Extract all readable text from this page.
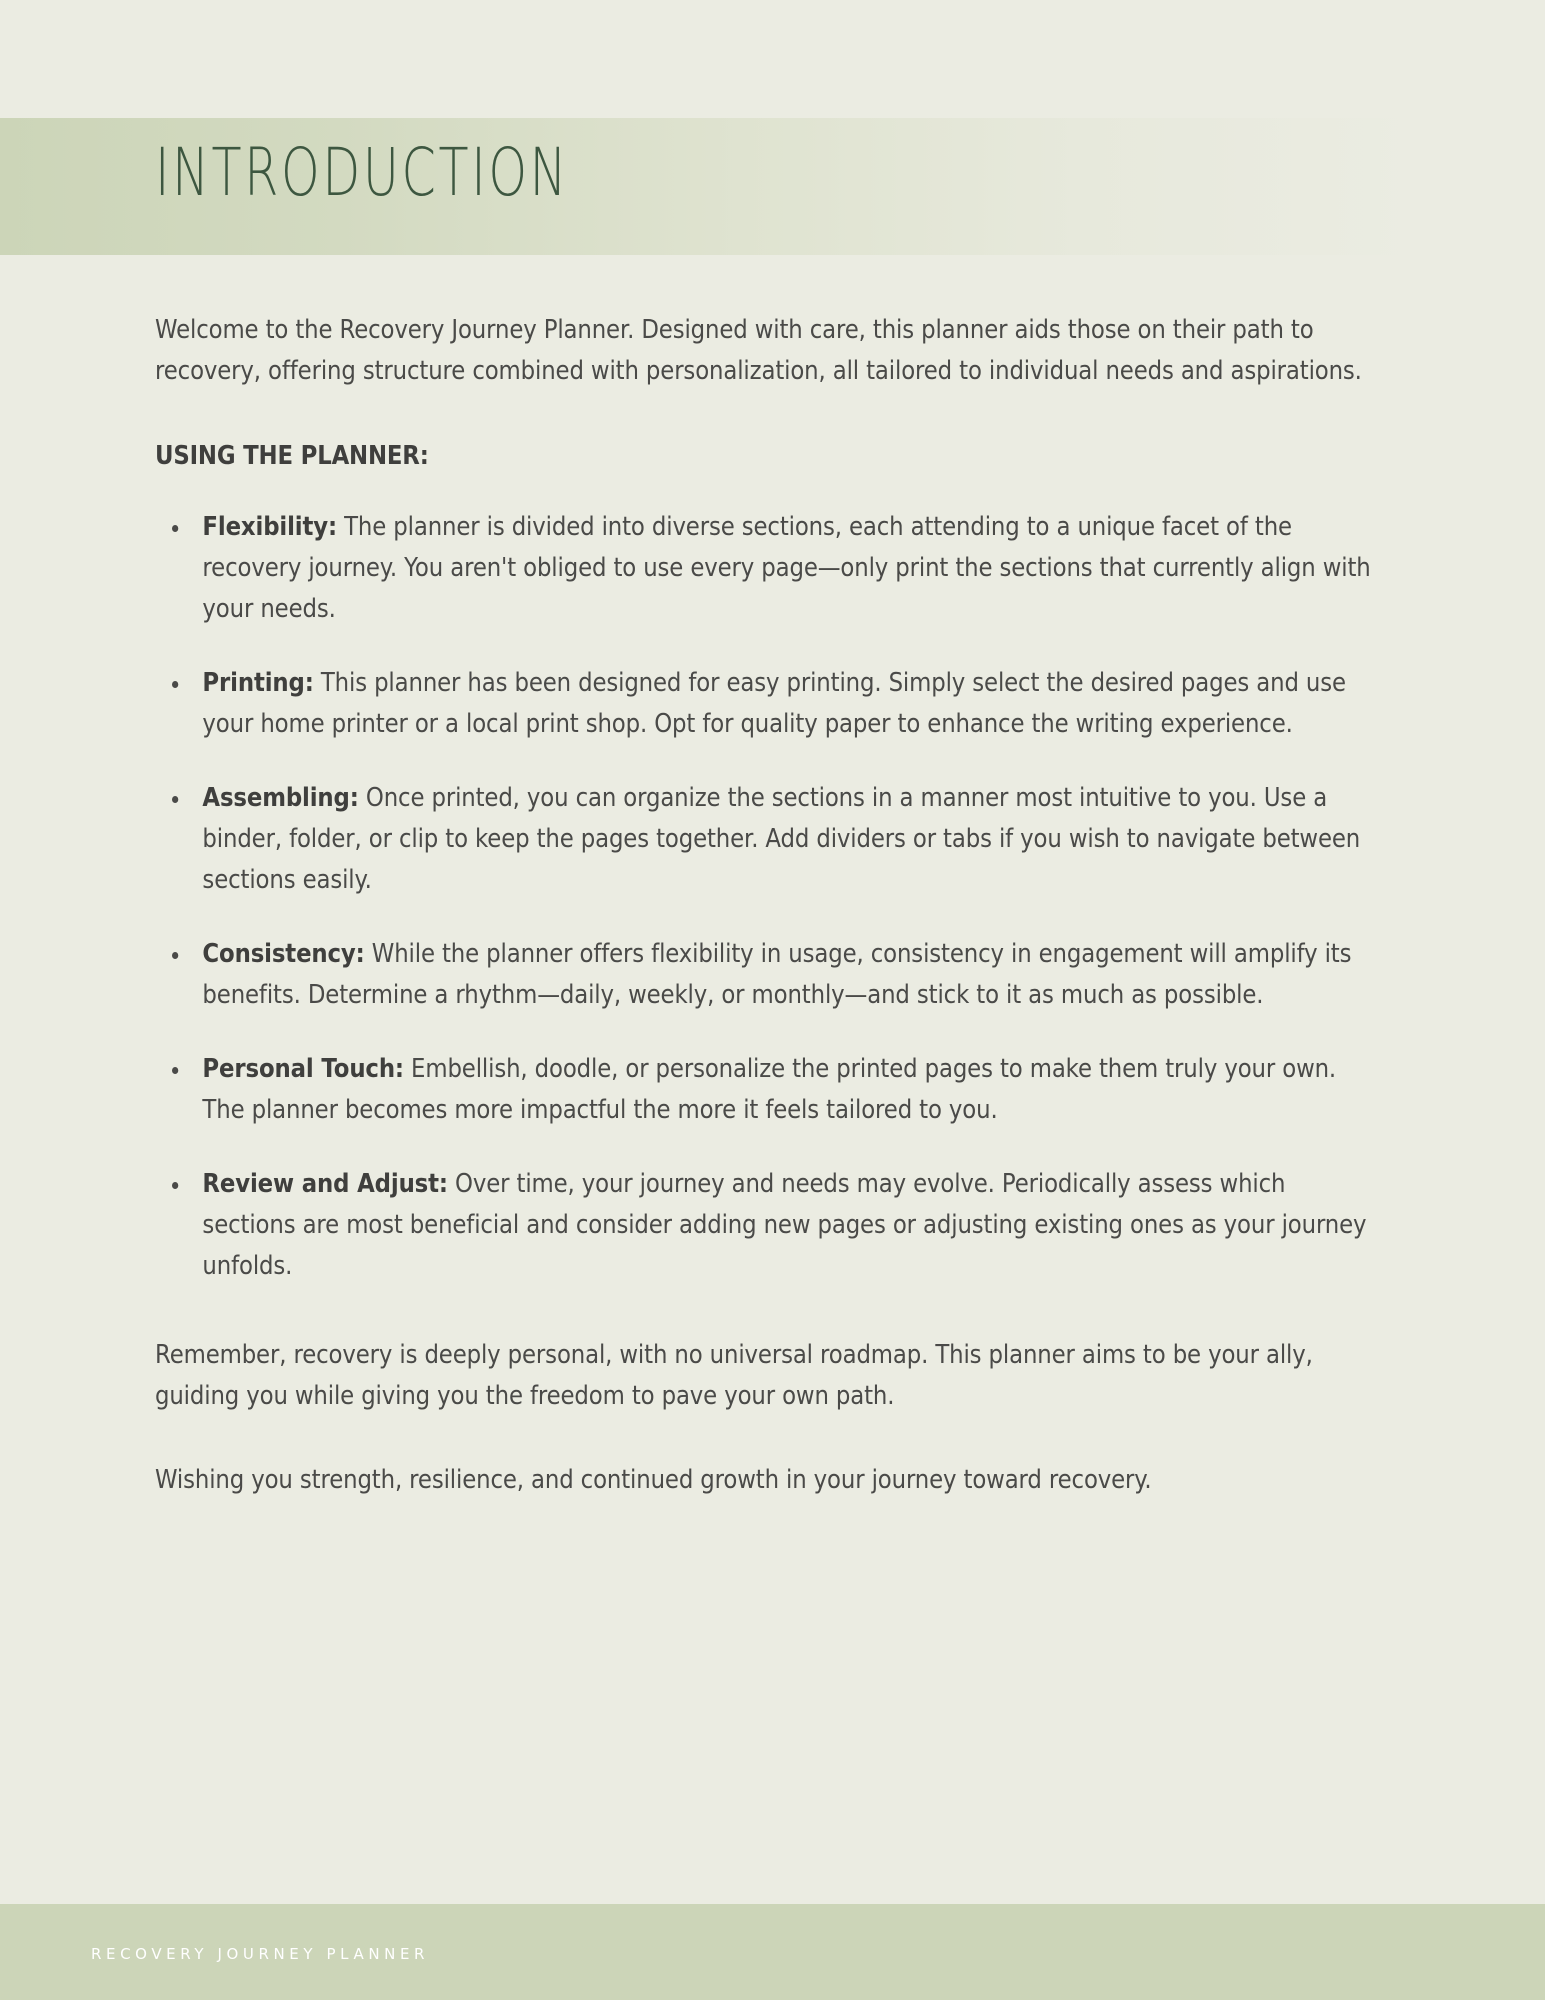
INTRODUCTION

Welcome to the Recovery Journey Planner. Designed with care, this planner aids those on their path to recovery, offering structure combined with personalization, all tailored to individual needs and aspirations.

USING THE PLANNER:

Flexibility: The planner is divided into diverse sections, each attending to a unique facet of the recovery journey. You aren't obliged to use every page—only print the sections that currently align with your needs.
Printing: This planner has been designed for easy printing. Simply select the desired pages and use your home printer or a local print shop. Opt for quality paper to enhance the writing experience.
Assembling: Once printed, you can organize the sections in a manner most intuitive to you. Use a binder, folder, or clip to keep the pages together. Add dividers or tabs if you wish to navigate between sections easily.
Consistency: While the planner offers flexibility in usage, consistency in engagement will amplify its benefits. Determine a rhythm—daily, weekly, or monthly—and stick to it as much as possible.
Personal Touch: Embellish, doodle, or personalize the printed pages to make them truly your own. The planner becomes more impactful the more it feels tailored to you.
Review and Adjust: Over time, your journey and needs may evolve. Periodically assess which sections are most beneficial and consider adding new pages or adjusting existing ones as your journey unfolds.

Remember, recovery is deeply personal, with no universal roadmap. This planner aims to be your ally, guiding you while giving you the freedom to pave your own path.

Wishing you strength, resilience, and continued growth in your journey toward recovery.

RECOVERY JOURNEY PLANNER
